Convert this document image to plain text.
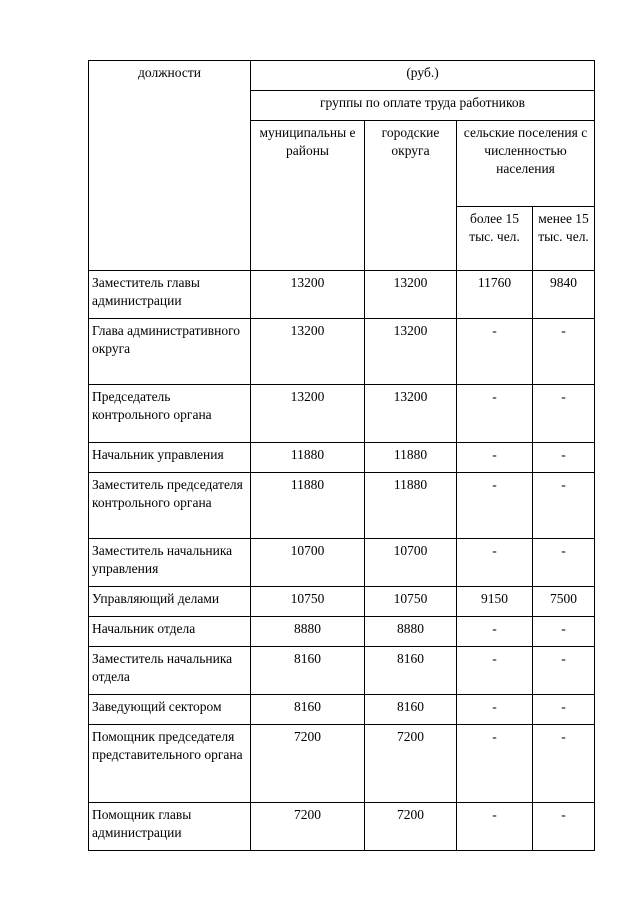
должности	(руб.)			
	группы по оплате труда работников			
	муниципальны е районы	городские округа	сельские поселения с численностью населения	
			более 15 тыс. чел.	менее 15 тыс. чел.
Заместитель главы администрации	13200	13200	11760	9840
Глава административного округа	13200	13200	-	-
Председатель контрольного органа	13200	13200	-	-
Начальник управления	11880	11880	-	-
Заместитель председателя контрольного органа	11880	11880	-	-
Заместитель начальника управления	10700	10700	-	-
Управляющий делами	10750	10750	9150	7500
Начальник отдела	8880	8880	-	-
Заместитель начальника отдела	8160	8160	-	-
Заведующий сектором	8160	8160	-	-
Помощник председателя представительного органа	7200	7200	-	-
Помощник главы администрации	7200	7200	-	-
